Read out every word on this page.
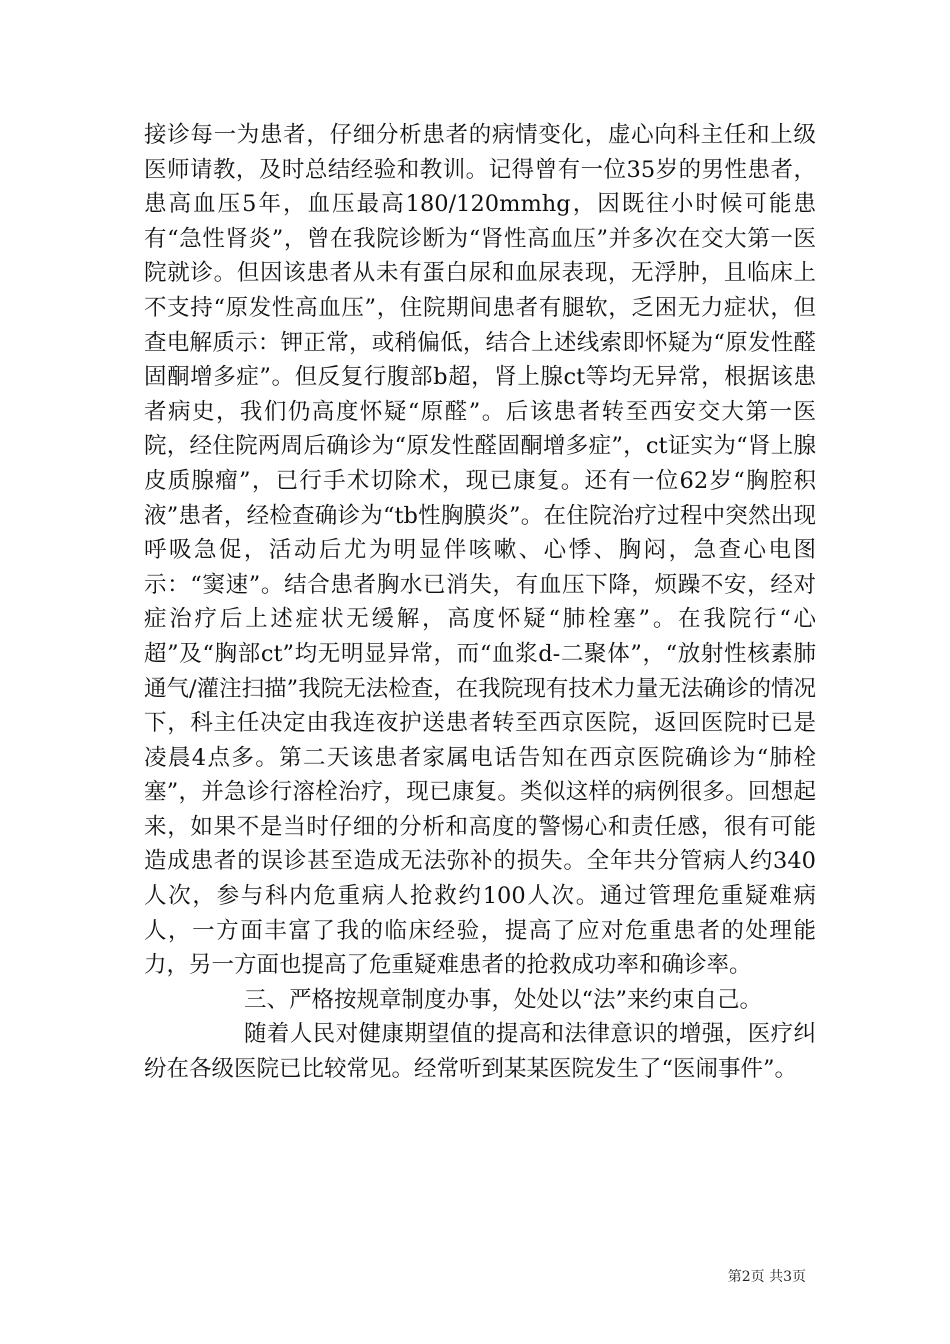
接诊每一为患者，仔细分析患者的病情变化，虚心向科主任和上级医师请教，及时总结经验和教训。记得曾有一位35岁的男性患者，患高血压5年，血压最高180/120mmhg，因既往小时候可能患有“急性肾炎”，曾在我院诊断为“肾性高血压”并多次在交大第一医院就诊。但因该患者从未有蛋白尿和血尿表现，无浮肿，且临床上不支持“原发性高血压”，住院期间患者有腿软，乏困无力症状，但查电解质示：钾正常，或稍偏低，结合上述线索即怀疑为“原发性醛固酮增多症”。但反复行腹部b超，肾上腺ct等均无异常，根据该患者病史，我们仍高度怀疑“原醛”。后该患者转至西安交大第一医院，经住院两周后确诊为“原发性醛固酮增多症”，ct证实为“肾上腺皮质腺瘤”，已行手术切除术，现已康复。还有一位62岁“胸腔积液”患者，经检查确诊为“tb性胸膜炎”。在住院治疗过程中突然出现呼吸急促，活动后尤为明显伴咳嗽、心悸、胸闷，急查心电图示：“窦速”。结合患者胸水已消失，有血压下降，烦躁不安，经对症治疗后上述症状无缓解，高度怀疑“肺栓塞”。在我院行“心超”及“胸部ct”均无明显异常，而“血浆d-二聚体”，“放射性核素肺通气/灌注扫描”我院无法检查，在我院现有技术力量无法确诊的情况下，科主任决定由我连夜护送患者转至西京医院，返回医院时已是凌晨4点多。第二天该患者家属电话告知在西京医院确诊为“肺栓塞”，并急诊行溶栓治疗，现已康复。类似这样的病例很多。回想起来，如果不是当时仔细的分析和高度的警惕心和责任感，很有可能造成患者的误诊甚至造成无法弥补的损失。全年共分管病人约340人次，参与科内危重病人抢救约100人次。通过管理危重疑难病人，一方面丰富了我的临床经验，提高了应对危重患者的处理能力，另一方面也提高了危重疑难患者的抢救成功率和确诊率。

三、严格按规章制度办事，处处以“法”来约束自己。

随着人民对健康期望值的提高和法律意识的增强，医疗纠纷在各级医院已比较常见。经常听到某某医院发生了“医闹事件”。

第2页 共3页
